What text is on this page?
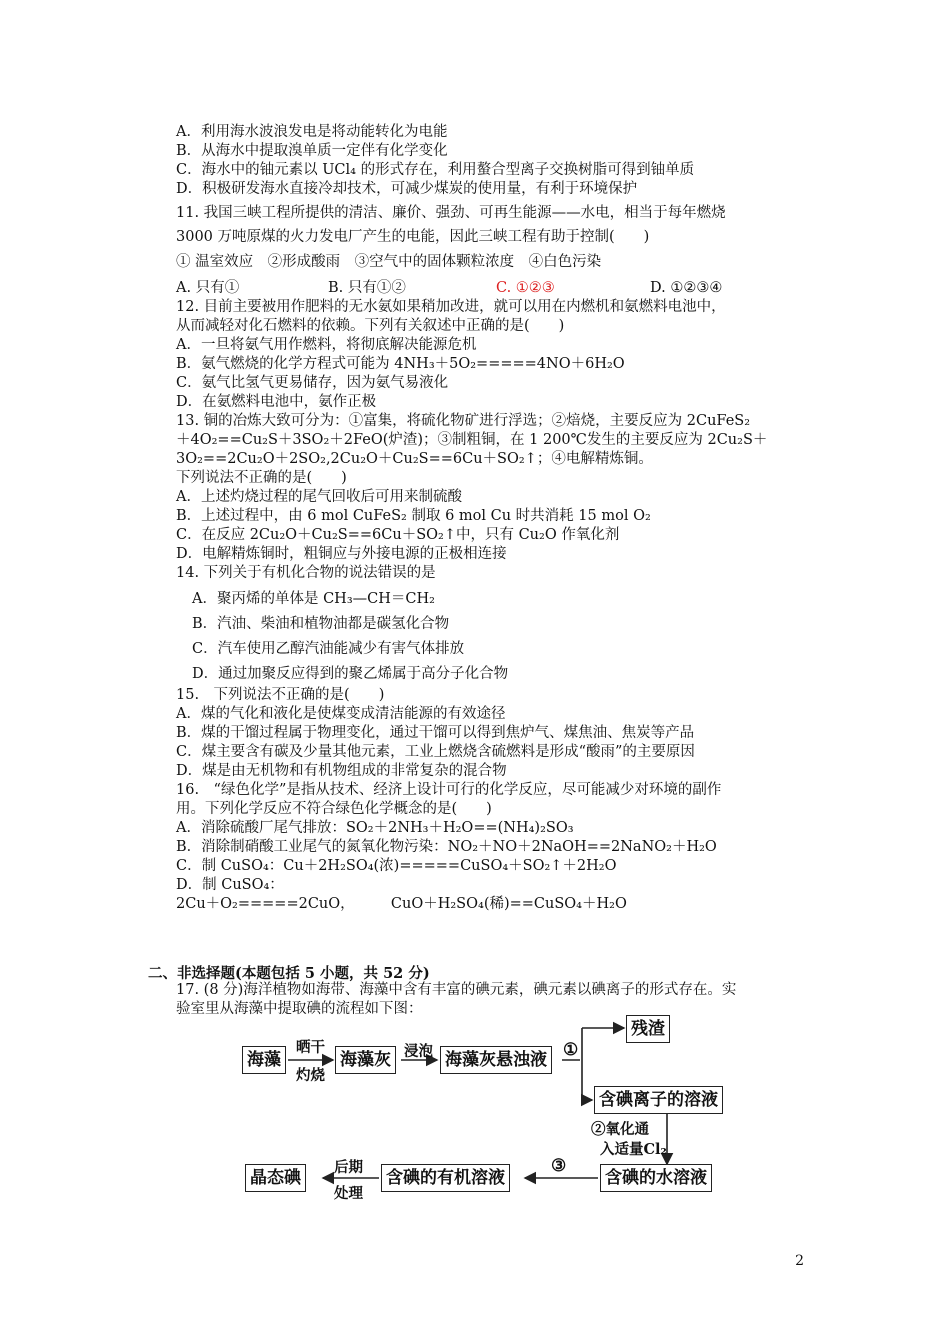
A．利用海水波浪发电是将动能转化为电能
B．从海水中提取溴单质一定伴有化学变化
C．海水中的铀元素以 UCl₄ 的形式存在，利用螯合型离子交换树脂可得到铀单质
D．积极研发海水直接冷却技术，可减少煤炭的使用量，有利于环境保护
11. 我国三峡工程所提供的清洁、廉价、强劲、可再生能源——水电，相当于每年燃烧
3000 万吨原煤的火力发电厂产生的电能，因此三峡工程有助于控制(　　)
① 温室效应　②形成酸雨　③空气中的固体颗粒浓度　④白色污染
A. 只有①	B. 只有①②	C. ①②③	D. ①②③④
12. 目前主要被用作肥料的无水氨如果稍加改进，就可以用在内燃机和氨燃料电池中，
从而减轻对化石燃料的依赖。下列有关叙述中正确的是(　　)
A．一旦将氨气用作燃料，将彻底解决能源危机
B．氨气燃烧的化学方程式可能为 4NH₃＋5O₂=====4NO＋6H₂O
C．氨气比氢气更易储存，因为氨气易液化
D．在氨燃料电池中，氨作正极
13. 铜的冶炼大致可分为：①富集，将硫化物矿进行浮选；②焙烧，主要反应为 2CuFeS₂
＋4O₂==Cu₂S＋3SO₂＋2FeO(炉渣)；③制粗铜，在 1 200℃发生的主要反应为 2Cu₂S＋
3O₂==2Cu₂O＋2SO₂,2Cu₂O＋Cu₂S==6Cu＋SO₂↑；④电解精炼铜。
下列说法不正确的是(　　)
A．上述灼烧过程的尾气回收后可用来制硫酸
B．上述过程中，由 6 mol CuFeS₂ 制取 6 mol Cu 时共消耗 15 mol O₂
C．在反应 2Cu₂O＋Cu₂S==6Cu＋SO₂↑中，只有 Cu₂O 作氧化剂
D．电解精炼铜时，粗铜应与外接电源的正极相连接
14. 下列关于有机化合物的说法错误的是
A．聚丙烯的单体是 CH₃—CH＝CH₂
B．汽油、柴油和植物油都是碳氢化合物
C．汽车使用乙醇汽油能减少有害气体排放
D．通过加聚反应得到的聚乙烯属于高分子化合物
15.　下列说法不正确的是(　　)
A．煤的气化和液化是使煤变成清洁能源的有效途径
B．煤的干馏过程属于物理变化，通过干馏可以得到焦炉气、煤焦油、焦炭等产品
C．煤主要含有碳及少量其他元素，工业上燃烧含硫燃料是形成“酸雨”的主要原因
D．煤是由无机物和有机物组成的非常复杂的混合物
16.　“绿色化学”是指从技术、经济上设计可行的化学反应，尽可能减少对环境的副作
用。下列化学反应不符合绿色化学概念的是(　　)
A．消除硫酸厂尾气排放：SO₂＋2NH₃＋H₂O==(NH₄)₂SO₃
B．消除制硝酸工业尾气的氮氧化物污染：NO₂＋NO＋2NaOH==2NaNO₂＋H₂O
C．制 CuSO₄：Cu＋2H₂SO₄(浓)=====CuSO₄＋SO₂↑＋2H₂O
D．制 CuSO₄：
2Cu＋O₂=====2CuO，　　　CuO＋H₂SO₄(稀)==CuSO₄＋H₂O
二、非选择题(本题包括 5 小题，共 52 分)
17. (8 分)海洋植物如海带、海藻中含有丰富的碘元素，碘元素以碘离子的形式存在。实
验室里从海藻中提取碘的流程如下图：
海藻
晒干
灼烧
海藻灰 浸泡 海藻灰悬浊液 ①
残渣
含碘离子的溶液
②氧化通
入适量Cl₂
含碘的水溶液
③
含碘的有机溶液
后期
处理
晶态碘
2
